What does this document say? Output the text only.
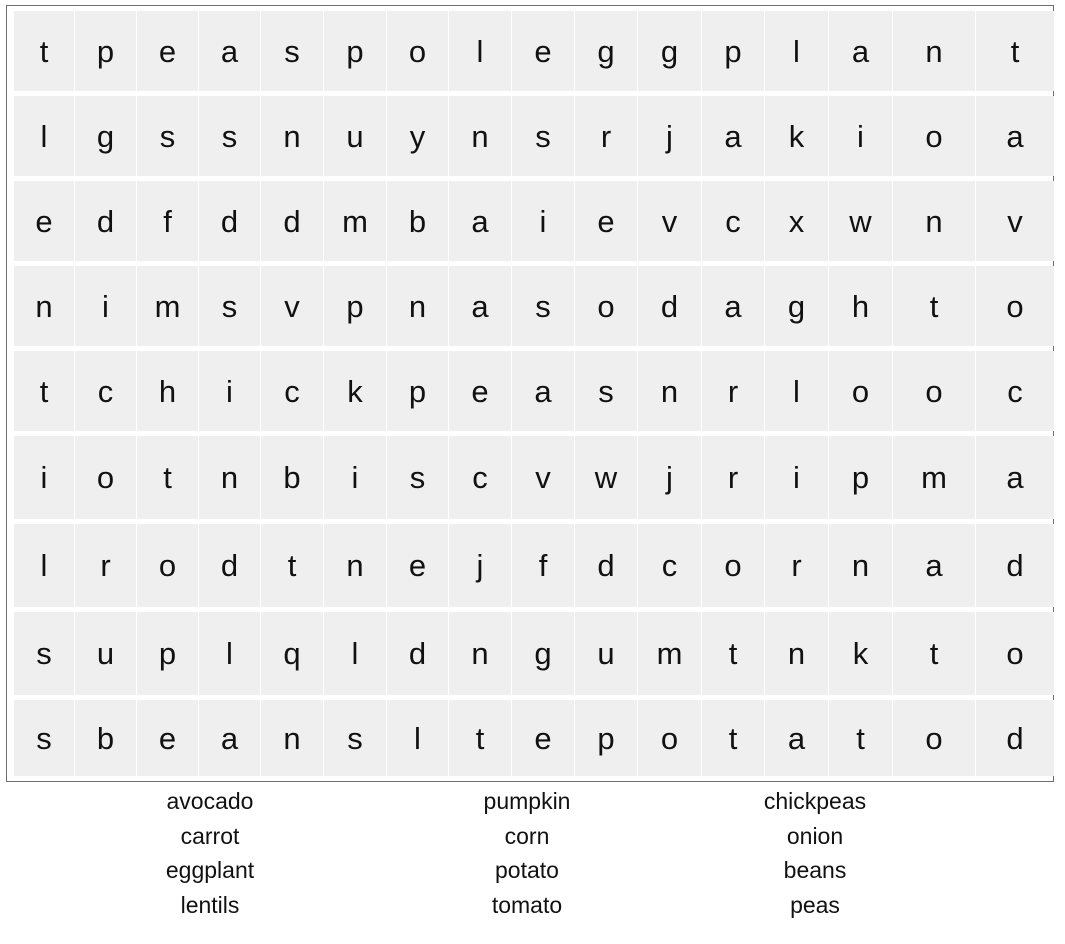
t	p	e	a	s	p	o	l	e	g	g	p	l	a	n	t
l	g	s	s	n	u	y	n	s	r	j	a	k	i	o	a
e	d	f	d	d	m	b	a	i	e	v	c	x	w	n	v
n	i	m	s	v	p	n	a	s	o	d	a	g	h	t	o
t	c	h	i	c	k	p	e	a	s	n	r	l	o	o	c
i	o	t	n	b	i	s	c	v	w	j	r	i	p	m	a
l	r	o	d	t	n	e	j	f	d	c	o	r	n	a	d
s	u	p	l	q	l	d	n	g	u	m	t	n	k	t	o
s	b	e	a	n	s	l	t	e	p	o	t	a	t	o	d
avocado
carrot
eggplant
lentils
pumpkin
corn
potato
tomato
chickpeas
onion
beans
peas
